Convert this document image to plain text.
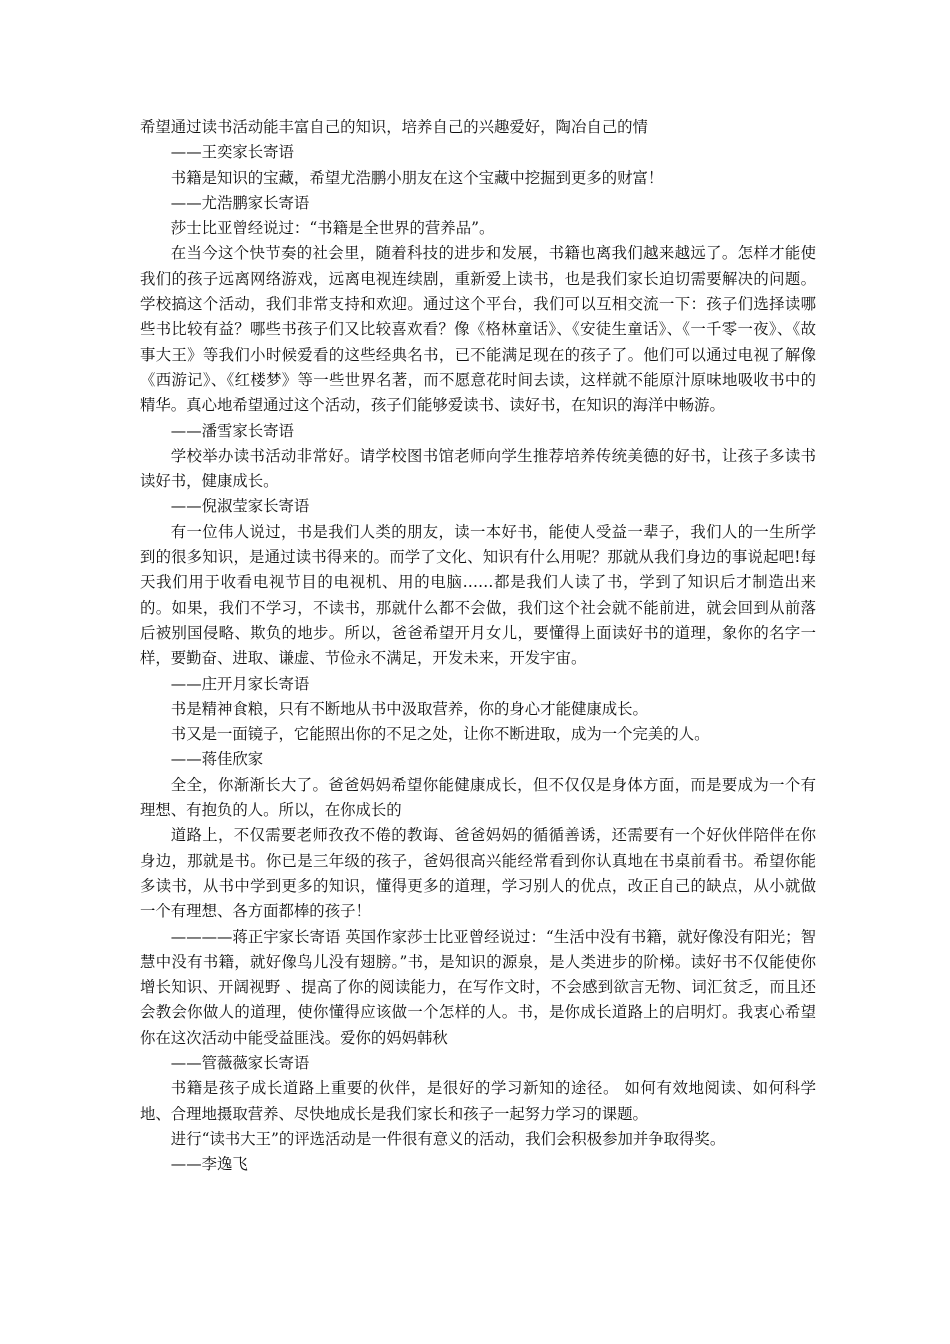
希望通过读书活动能丰富自己的知识，培养自己的兴趣爱好，陶冶自己的情

——王奕家长寄语

书籍是知识的宝藏，希望尤浩鹏小朋友在这个宝藏中挖掘到更多的财富！

——尤浩鹏家长寄语

莎士比亚曾经说过：“书籍是全世界的营养品”。

在当今这个快节奏的社会里，随着科技的进步和发展，书籍也离我们越来越远了。怎样才能使我们的孩子远离网络游戏，远离电视连续剧，重新爱上读书，也是我们家长迫切需要解决的问题。学校搞这个活动，我们非常支持和欢迎。通过这个平台，我们可以互相交流一下：孩子们选择读哪些书比较有益？哪些书孩子们又比较喜欢看？像《格林童话》、《安徒生童话》、《一千零一夜》、《故事大王》等我们小时候爱看的这些经典名书，已不能满足现在的孩子了。他们可以通过电视了解像《西游记》、《红楼梦》等一些世界名著，而不愿意花时间去读，这样就不能原汁原味地吸收书中的精华。真心地希望通过这个活动，孩子们能够爱读书、读好书，在知识的海洋中畅游。

——潘雪家长寄语

学校举办读书活动非常好。请学校图书馆老师向学生推荐培养传统美德的好书，让孩子多读书读好书，健康成长。

——倪淑莹家长寄语

有一位伟人说过，书是我们人类的朋友，读一本好书，能使人受益一辈子，我们人的一生所学到的很多知识，是通过读书得来的。而学了文化、知识有什么用呢？那就从我们身边的事说起吧!每天我们用于收看电视节目的电视机、用的电脑……都是我们人读了书，学到了知识后才制造出来的。如果，我们不学习，不读书，那就什么都不会做，我们这个社会就不能前进，就会回到从前落后被别国侵略、欺负的地步。所以，爸爸希望开月女儿，要懂得上面读好书的道理，象你的名字一样，要勤奋、进取、谦虚、节俭永不满足，开发未来，开发宇宙。

——庄开月家长寄语

书是精神食粮，只有不断地从书中汲取营养，你的身心才能健康成长。

书又是一面镜子，它能照出你的不足之处，让你不断进取，成为一个完美的人。

——蒋佳欣家

全全，你渐渐长大了。爸爸妈妈希望你能健康成长，但不仅仅是身体方面，而是要成为一个有理想、有抱负的人。所以，在你成长的

道路上，不仅需要老师孜孜不倦的教诲、爸爸妈妈的循循善诱，还需要有一个好伙伴陪伴在你身边，那就是书。你已是三年级的孩子，爸妈很高兴能经常看到你认真地在书桌前看书。希望你能多读书，从书中学到更多的知识，懂得更多的道理，学习别人的优点，改正自己的缺点，从小就做一个有理想、各方面都棒的孩子！

————蒋正宇家长寄语 英国作家莎士比亚曾经说过：“生活中没有书籍，就好像没有阳光；智慧中没有书籍，就好像鸟儿没有翅膀。”书，是知识的源泉，是人类进步的阶梯。读好书不仅能使你增长知识、开阔视野 、提高了你的阅读能力，在写作文时，不会感到欲言无物、词汇贫乏，而且还会教会你做人的道理，使你懂得应该做一个怎样的人。书，是你成长道路上的启明灯。我衷心希望你在这次活动中能受益匪浅。爱你的妈妈韩秋

——管薇薇家长寄语

书籍是孩子成长道路上重要的伙伴，是很好的学习新知的途径。 如何有效地阅读、如何科学地、合理地摄取营养、尽快地成长是我们家长和孩子一起努力学习的课题。

进行“读书大王”的评选活动是一件很有意义的活动，我们会积极参加并争取得奖。

——李逸飞
